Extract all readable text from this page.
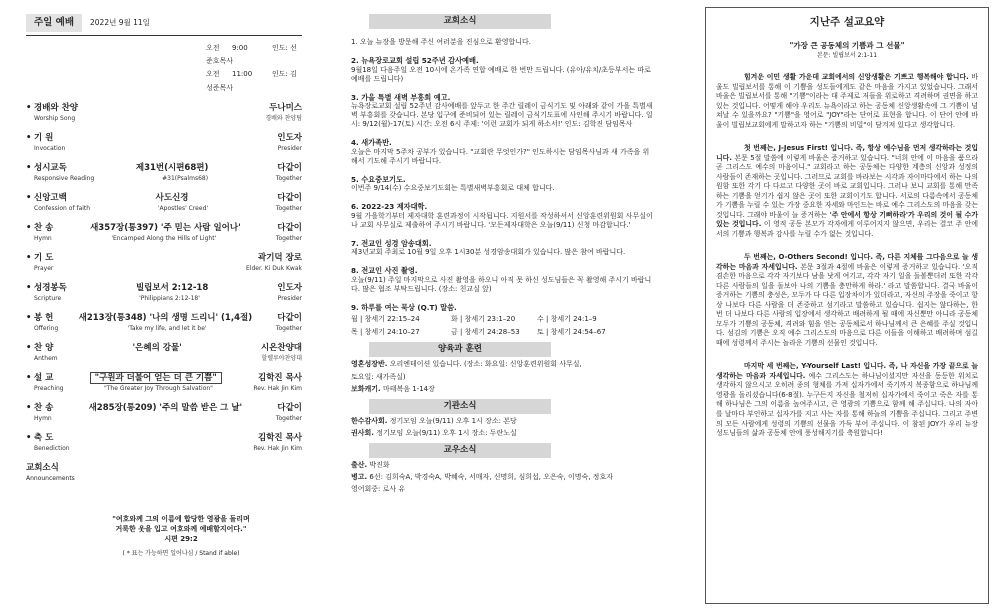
주일 예배	2022년 9월 11일
오전 9:00	인도: 선준호목사
오전 11:00	인도: 김성준목사
• 경배와 찬양	두나미스
Worship Song	경배와 찬양팀
• 기 원	인도자
Invocation	Presider
• 성시교독	제31번(시편68편)	다같이
Responsive Reading	#31(Psalms68)	Together
• 신앙고백	사도신경	다같이
Confession of faith	'Apostles' Creed'	Together
• 찬 송	새357장(통397) '주 믿는 사람 일어나'	다같이
Hymn	'Encamped Along the Hills of Light'	Together
• 기 도	곽기덕 장로
Prayer	Elder. Ki Duk Kwak
• 성경봉독	빌립보서 2:12-18	인도자
Scripture	'Philippians 2:12-18'	Presider
• 봉 헌	새213장(통348) '나의 생명 드리니' (1,4절)	다같이
Offering	'Take my life, and let it be'	Together
• 찬 양	'은혜의 강물'	시온찬양대
Anthem	할렐루야찬양대
• 설 교	"구원과 더불어 얻는 더 큰 기쁨"	김학진 목사
Preaching	"The Greater Joy Through Salvation"	Rev. Hak Jin Kim
• 찬 송	새285장(통209) '주의 말씀 받은 그 날'	다같이
Hymn	Together
• 축 도	김학진 목사
Benediction	Rev. Hak Jin Kim
교회소식
Announcements
"여호와께 그의 이름에 합당한 영광을 돌리며
거룩한 옷을 입고 여호와께 예배할지어다."
시편 29:2
( * 표는 가능하면 일어나심 / Stand if able)
교회소식
1. 오늘 뉴장을 방문해 주신 여러분을 진심으로 환영합니다.
2. 뉴욕장로교회 설립 52주년 감사예배.
9월18일 다음주일 오전 10시에 온가족 연합 예배로 한 번만 드립니다. (유아/유치/초등부서는 따로 예배를 드립니다)
3. 가을 특별 새벽 부흥회 예고.
뉴욕장로교회 설립 52주년 감사예배를 앞두고 한 주간 릴레이 금식기도 및 아래와 같이 가을 특별새벽 부흥회를 갖습니다. 본당 입구에 준비되어 있는 릴레이 금식기도표에 사인해 주시기 바랍니다. 일시: 9/12(월)-17(토) 시간: 오전 6시 주제: '이런 교회가 되게 하소서!' 인도: 김학진 담임목사
4. 새가족반.
오늘은 마지막 5주차 공부가 있습니다. "교회란 무엇인가?" 인도하시는 담임목사님과 새 가족을 위해서 기도해 주시기 바랍니다.
5. 수요중보기도.
이번주 9/14(수) 수요중보기도회는 특별새벽부흥회로 대체 합니다.
6. 2022-23 제자대학.
9월 가을학기부터 제자대학 훈련과정이 시작됩니다. 지원서를 작성하셔서 신앙훈련위원회 사무실이나 교회 사무실로 제출하여 주시기 바랍니다. '모든제자대학은 오늘(9/11) 신청 마감합니다.'
7. 전교인 성경 암송대회.
제3년교회 주최로 10월 9일 오후 1시30분 성경암송대회가 있습니다. 많은 참여 바랍니다.
8. 전교인 사진 촬영.
오늘(9/11) 주일 마지막으로 사진 촬영을 하오니 아직 못 하신 성도님들은 꼭 촬영해 주시기 바랍니다. 많은 협조 부탁드립니다. (장소: 친교실 앞)
9. 하루를 여는 묵상 (Q.T) 말씀.
월 | 창세기 22:15–24	화 | 창세기 23:1–20	수 | 창세기 24:1–9
목 | 창세기 24:10–27	금 | 창세기 24:28–53	토 | 창세기 24:54–67
양육과 훈련
영혼성장반. 오리엔테이션 있습니다. (장소: 화요일: 신앙훈련위원회 사무실,
토요일: 새가족실)
보화캐기. 마태복음 1-14장
기관소식
한수감사회. 정기모임 오늘(9/11) 오후 1시 장소: 본당
권사회. 정기모임 오늘(9/11) 오후 1시 장소: 두란노실
교우소식
출산. 박진화
병고. 6선: 김희숙A, 박경숙A, 박혜숙, 서매자, 신명희, 심희섭, 오은숙, 이명숙, 정호자
영어회중: 로사 유
지난주 설교요약
"가장 큰 공동체의 기쁨과 그 선물"
본문: 빌립보서 2:1-11
힘겨운 이민 생활 가운데 교회에서의 신앙생활은 기쁘고 행복해야 합니다. 바울도 빌립보서를 통해 이 기쁨을 성도들에게도 같은 마음을 가지고 있었습니다. 그래서 바울은 빌립보서를 통해 "기쁨"이라는 대 주제로 저들을 위로하고 격려하며 권면을 하고 있는 것입니다. 어떻게 해야 우리도 뉴욕이라고 하는 공동체 신앙생활속에 그 기쁨이 넘쳐날 수 있을까요? "기쁨"을 영어로 "JOY"라는 단어로 표현을 합니다. 이 단어 안에 바울이 빌립보교회에게 말하고자 하는 "기쁨의 비밀"이 담겨져 있다고 생각합니다.
첫 번째는, J-Jesus First! 입니다. 즉, 항상 예수님을 먼저 생각하라는 것입니다. 본문 5절 말씀에 이렇게 바울은 증거하고 있습니다. "너희 안에 이 마음을 품으라 곧 그리스도 예수의 마음이니." 교회라고 하는 공동체는 다양한 계층의 신앙과 성정의 사람들이 존재하는 곳입니다. 그러므로 교회를 바라보는 시각과 자이마다에서 하는 나의 원함 또한 각기 다 다르고 다양한 곳이 바로 교회입니다. 그러나 보니 교회를 통해 만족하는 기쁨을 얻기가 쉽지 않은 곳이 또한 교회이기도 합니다. 서로의 다름속에서 공동체가 기쁨을 누릴 수 있는 가장 중요한 자세와 마인드는 바로 예수 그리스도의 마음을 갖는 것입니다. 그래야 바울이 늘 증거하는 '주 안에서 항상 기뻐하라'가 우리의 것이 될 수가 있는 것입니다. 이 영적 공동 본모가 각자에게 이루어지지 않으면, 우리는 결코 주 안에서의 기쁨과 행복과 감사를 누릴 수가 없는 것입니다.
두 번째는, O-Others Second! 입니다. 즉, 다른 지체를 그다음으로 늘 생각하는 마음과 자세입니다. 본문 3절과 4절에 바울은 이렇게 증거하고 있습니다. '오직 겸손한 마음으로 각각 자기보다 남을 낫게 여기고, 각각 자기 일을 돌볼뿐더러 또한 각각 다른 사람들의 일을 돌보아 나의 기쁨을 충만하게 하라.' 라고 말씀합니다. 결국 바울이 증거하는 기쁨의 충성은, 모두가 다 다른 입장차이가 있더라고, 자신의 주장을 죽이고 항상 나보다 다른 사람을 더 존중하고 섬기라고 말씀하고 있습니다. 쉽지는 않다하는, 한 번 더 나보다 다른 사람의 입장에서 생각하고 배려하게 될 때에 자신뿐만 아니라 공동체 모두가 기쁨의 공동체, 격려와 힘을 얻는 공동체로서 하나님께서 큰 은혜를 주실 것입니다. 섬김의 기쁨은 오직 예수 그리스도의 마음으로 다른 이들을 이해하고 배려하며 섬길 때에 성령께서 주시는 놀라운 기쁨의 선물인 것입니다.
마지막 세 번째는, Y-Yourself Last! 입니다. 즉, 나 자신을 가장 끝으로 늘 생각하는 마음과 자세입니다. 예수 그리스도는 하나님이셨지만 자신을 동등한 위치로 생각하지 않으시고 오히려 종의 형체를 가져 십자가에서 죽기까지 복종함으로 하나님께 영광을 돌리셨습니다(6-8절). 누구든지 자신을 철저히 십자가에서 죽이고 죽은 자를 통해 하나님은 그의 이름을 높여주시고, 큰 영광의 기쁨으로 함께 해 주십니다. 나의 자아를 날마다 부인하고 십자가를 지고 사는 자를 통해 하늘의 기쁨을 주십니다. 그리고 주변의 모든 사람에게 성령의 기쁨의 선물을 가득 부어 주십니다. 이 참된 JOY가 우리 뉴장 성도님들의 삶과 공동체 안에 풍성해지기를 축원합니다!
